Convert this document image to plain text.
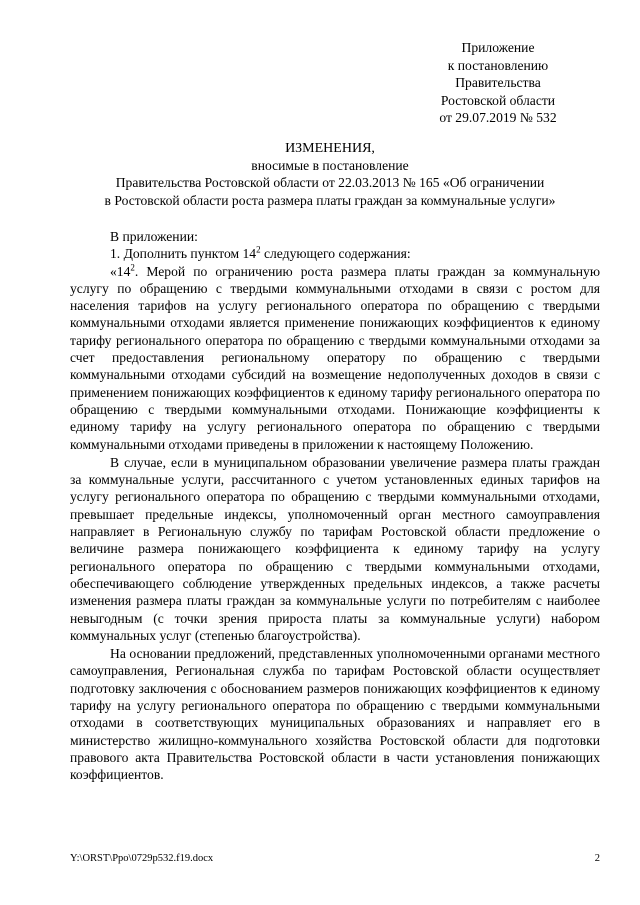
Приложение
к постановлению
Правительства
Ростовской области
от 29.07.2019 № 532
ИЗМЕНЕНИЯ,
вносимые в постановление
Правительства Ростовской области от 22.03.2013 № 165 «Об ограничении
в Ростовской области роста размера платы граждан за коммунальные услуги»

В приложении:

1. Дополнить пунктом $14^2$ следующего содержания:

«$14^2$. Мерой по ограничению роста размера платы граждан за коммунальную услугу по обращению с твердыми коммунальными отходами в связи с ростом для населения тарифов на услугу регионального оператора по обращению с твердыми коммунальными отходами является применение понижающих коэффициентов к единому тарифу регионального оператора по обращению с твердыми коммунальными отходами за счет предоставления региональному оператору по обращению с твердыми коммунальными отходами субсидий на возмещение недополученных доходов в связи с применением понижающих коэффициентов к единому тарифу регионального оператора по обращению с твердыми коммунальными отходами. Понижающие коэффициенты к единому тарифу на услугу регионального оператора по обращению с твердыми коммунальными отходами приведены в приложении к настоящему Положению.

В случае, если в муниципальном образовании увеличение размера платы граждан за коммунальные услуги, рассчитанного с учетом установленных единых тарифов на услугу регионального оператора по обращению с твердыми коммунальными отходами, превышает предельные индексы, уполномоченный орган местного самоуправления направляет в Региональную службу по тарифам Ростовской области предложение о величине размера понижающего коэффициента к единому тарифу на услугу регионального оператора по обращению с твердыми коммунальными отходами, обеспечивающего соблюдение утвержденных предельных индексов, а также расчеты изменения размера платы граждан за коммунальные услуги по потребителям с наиболее невыгодным (с точки зрения прироста платы за коммунальные услуги) набором коммунальных услуг (степенью благоустройства).

На основании предложений, представленных уполномоченными органами местного самоуправления, Региональная служба по тарифам Ростовской области осуществляет подготовку заключения с обоснованием размеров понижающих коэффициентов к единому тарифу на услугу регионального оператора по обращению с твердыми коммунальными отходами в соответствующих муниципальных образованиях и направляет его в министерство жилищно-коммунального хозяйства Ростовской области для подготовки правового акта Правительства Ростовской области в части установления понижающих коэффициентов.

Y:\ORST\Ppo\0729p532.f19.docx	2
